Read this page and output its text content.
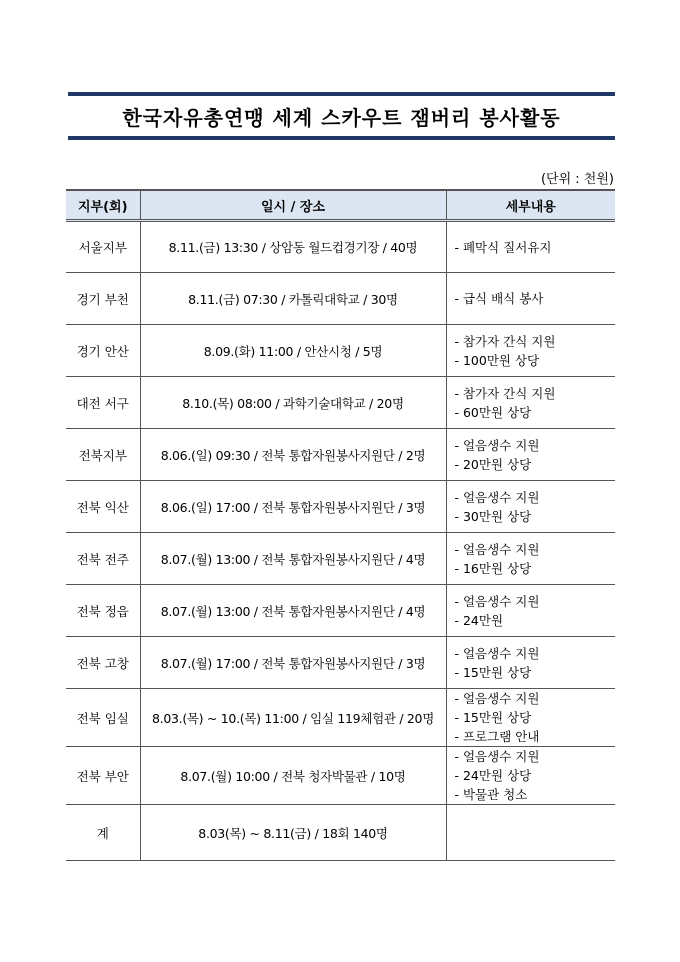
한국자유총연맹 세계 스카우트 잼버리 봉사활동
(단위 : 천원)
지부(회)	일시 / 장소	세부내용
서울지부	8.11.(금) 13:30 / 상암동 월드컵경기장 / 40명	- 폐막식 질서유지

경기 부천	8.11.(금) 07:30 / 카톨릭대학교 / 30명	- 급식 배식 봉사

경기 안산	8.09.(화) 11:00 / 안산시청 / 5명	- 참가자 간식 지원
- 100만원 상당

대전 서구	8.10.(목) 08:00 / 과학기술대학교 / 20명	- 참가자 간식 지원
- 60만원 상당

전북지부	8.06.(일) 09:30 / 전북 통합자원봉사지원단 / 2명	- 얼음생수 지원
- 20만원 상당

전북 익산	8.06.(일) 17:00 / 전북 통합자원봉사지원단 / 3명	- 얼음생수 지원
- 30만원 상당

전북 전주	8.07.(월) 13:00 / 전북 통합자원봉사지원단 / 4명	- 얼음생수 지원
- 16만원 상당

전북 정읍	8.07.(월) 13:00 / 전북 통합자원봉사지원단 / 4명	- 얼음생수 지원
- 24만원

전북 고창	8.07.(월) 17:00 / 전북 통합자원봉사지원단 / 3명	- 얼음생수 지원
- 15만원 상당

전북 임실	8.03.(목) ~ 10.(목) 11:00 / 임실 119체험관 / 20명	- 얼음생수 지원
- 15만원 상당
- 프로그램 안내

전북 부안	8.07.(월) 10:00 / 전북 청자박물관 / 10명	- 얼음생수 지원
- 24만원 상당
- 박물관 청소

계	8.03(목) ~ 8.11(금) / 18회 140명	
